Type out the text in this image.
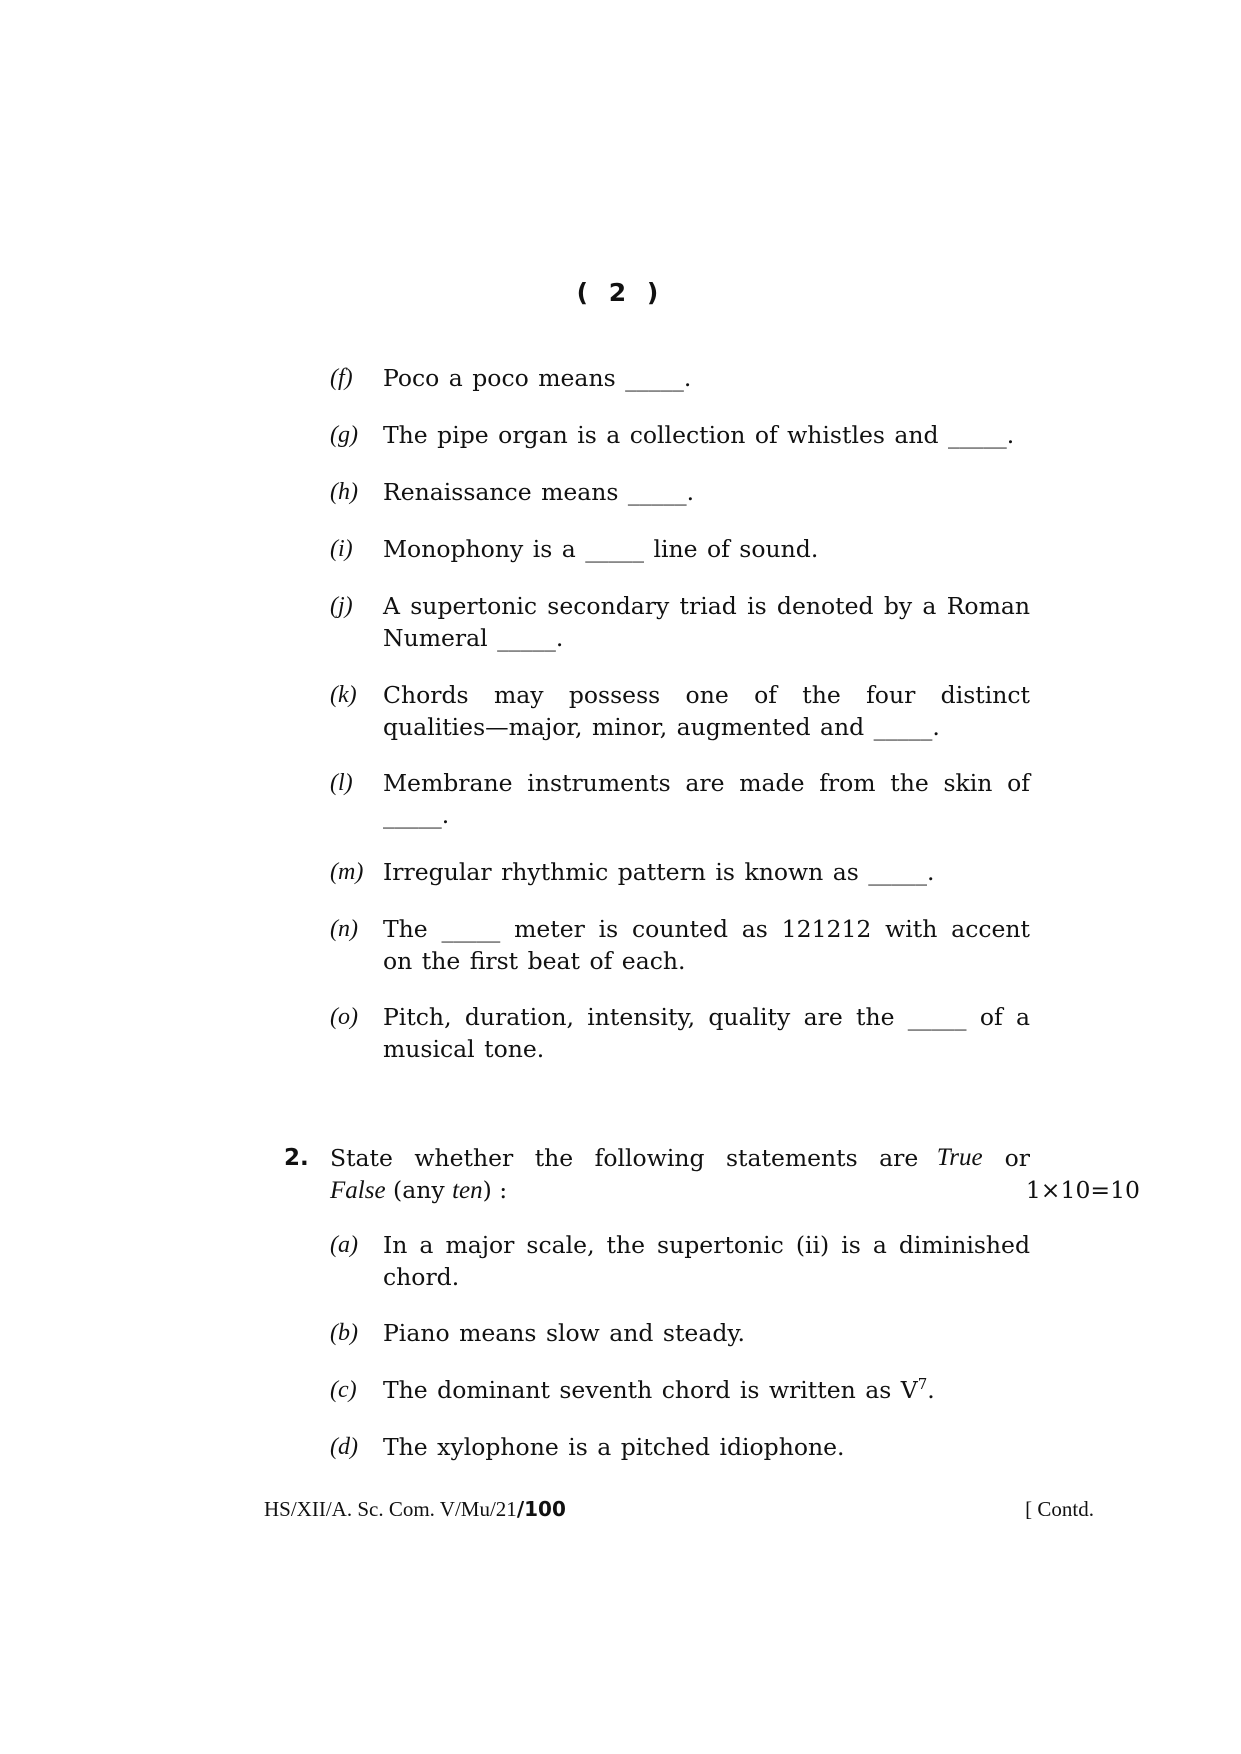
( 2 )
(f)	Poco a poco means _____.
(g)	The pipe organ is a collection of whistles and _____.
(h)	Renaissance means _____.
(i)	Monophony is a _____ line of sound.
(j)	A supertonic secondary triad is denoted by a Roman Numeral _____.
(k)	Chords may possess one of the four distinct qualities—major, minor, augmented and _____.
(l)	Membrane instruments are made from the skin of _____.
(m) Irregular rhythmic pattern is known as _____.
(n)	The _____ meter is counted as 121212 with accent on the first beat of each.
(o)	Pitch, duration, intensity, quality are the _____ of a musical tone.
2. State whether the following statements are True or
False (any ten) :	1×10=10
(a)	In a major scale, the supertonic (ii) is a diminished chord.
(b)	Piano means slow and steady.
(c)	The dominant seventh chord is written as $V^7$.
(d)	The xylophone is a pitched idiophone.
HS/XII/A. Sc. Com. V/Mu/21/100	[ Contd.
